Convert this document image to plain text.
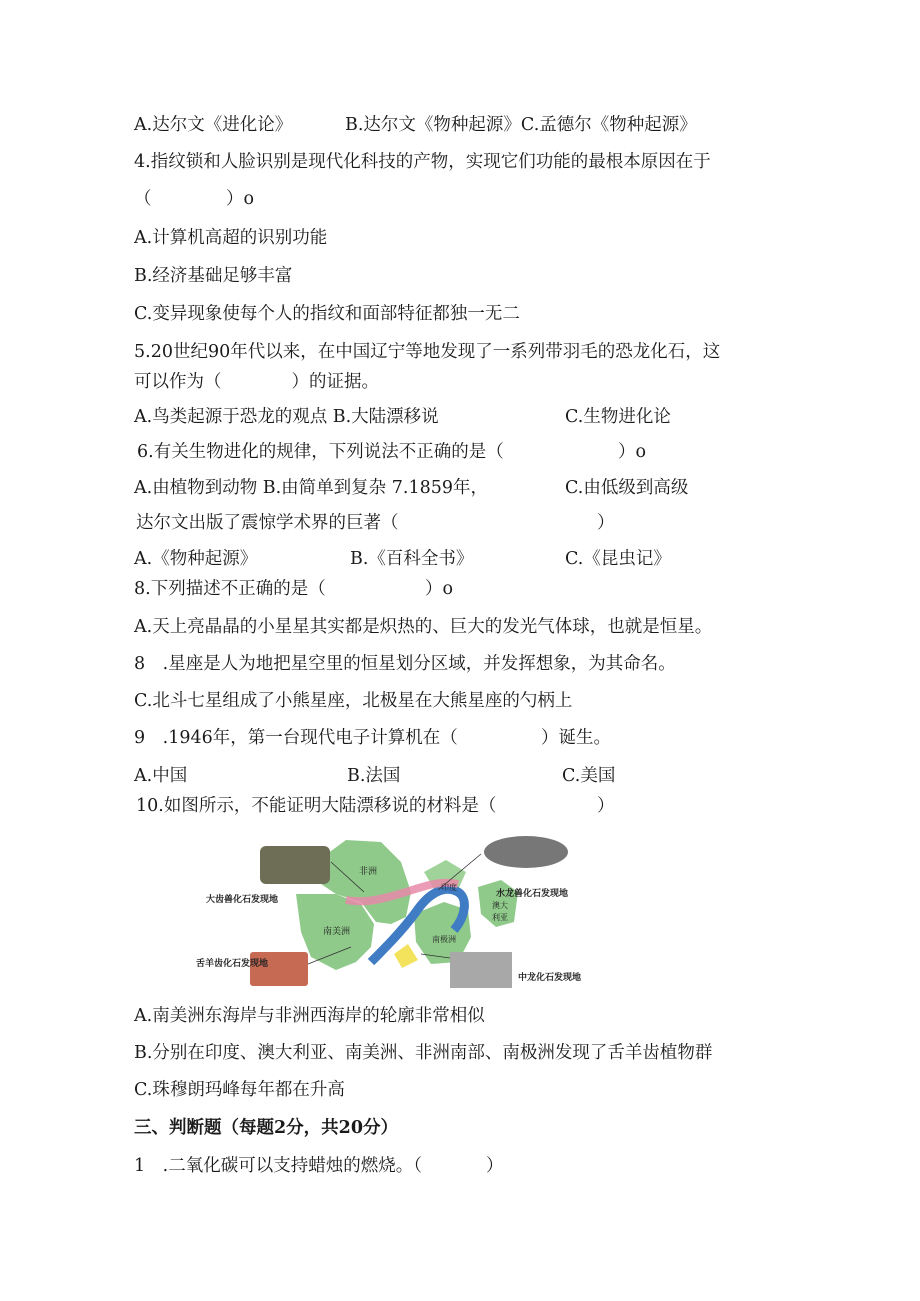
A.达尔文《进化论》	B.达尔文《物种起源》C.孟德尔《物种起源》
4.指纹锁和人脸识别是现代化科技的产物，实现它们功能的最根本原因在于
（	）o
A.计算机高超的识别功能
B.经济基础足够丰富
C.变异现象使每个人的指纹和面部特征都独一无二
5.20世纪90年代以来，在中国辽宁等地发现了一系列带羽毛的恐龙化石，这
可以作为（　　　　）的证据。
A.鸟类起源于恐龙的观点 B.大陆漂移说	C.生物进化论
6.有关生物进化的规律，下列说法不正确的是（	）o
A.由植物到动物 B.由简单到复杂 7.1859年，	C.由低级到高级
达尔文出版了震惊学术界的巨著（	）
A.《物种起源》	B.《百科全书》	C.《昆虫记》
8.下列描述不正确的是（	）o
A.天上亮晶晶的小星星其实都是炽热的、巨大的发光气体球，也就是恒星。
8　.星座是人为地把星空里的恒星划分区域，并发挥想象，为其命名。
C.北斗七星组成了小熊星座，北极星在大熊星座的勺柄上
9　.1946年，第一台现代电子计算机在（	）诞生。
A.中国	B.法国	C.美国
10.如图所示，不能证明大陆漂移说的材料是（	）
非洲
南美洲
印度
南极洲
澳大
利亚
大齿兽化石发现地
水龙兽化石发现地
舌羊齿化石发现地
中龙化石发现地
A.南美洲东海岸与非洲西海岸的轮廓非常相似
B.分别在印度、澳大利亚、南美洲、非洲南部、南极洲发现了舌羊齿植物群
C.珠穆朗玛峰每年都在升高
三、判断题（每题2分，共20分）
1　.二氧化碳可以支持蜡烛的燃烧。（	）
